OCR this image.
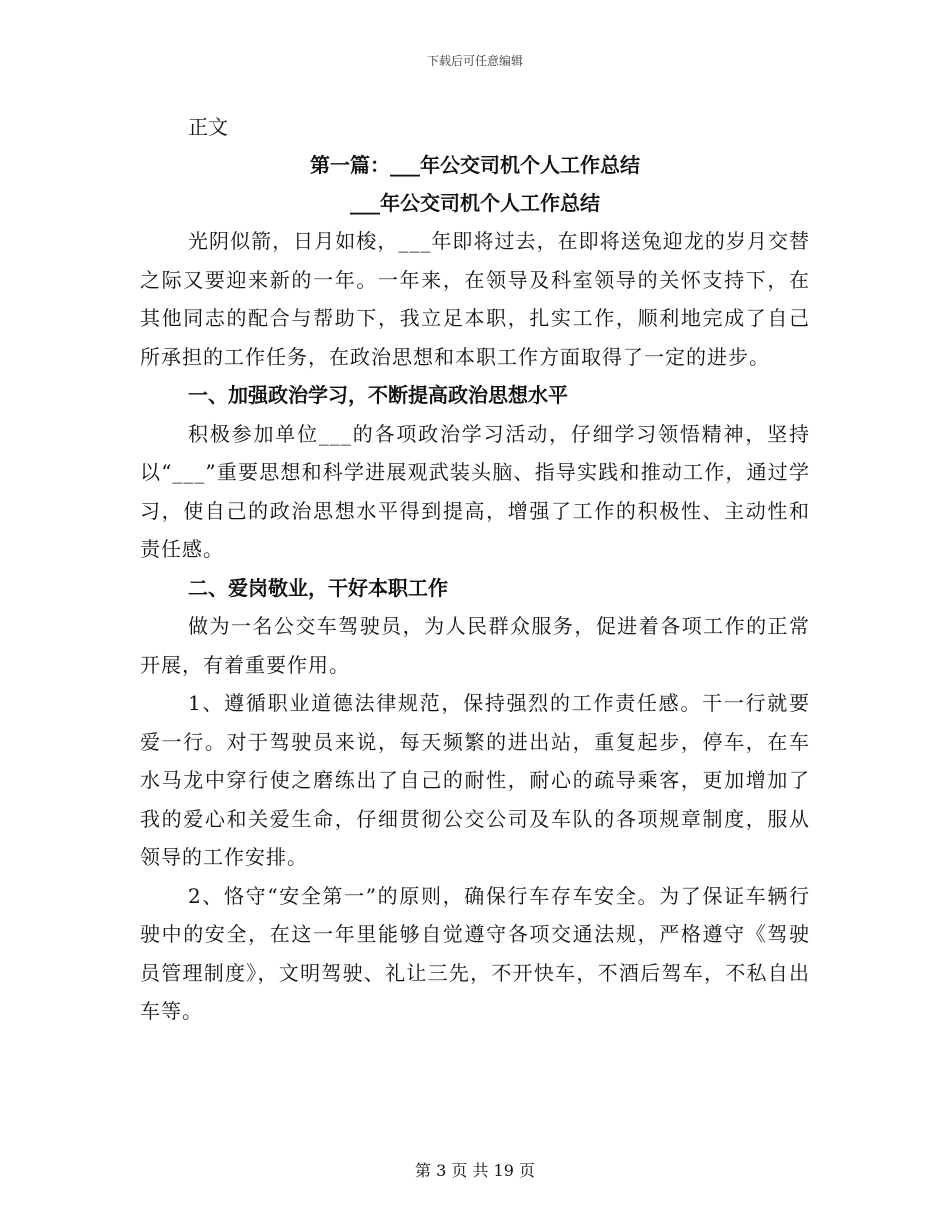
下载后可任意编辑

正文

第一篇：___年公交司机个人工作总结

___年公交司机个人工作总结

光阴似箭，日月如梭，___年即将过去，在即将送兔迎龙的岁月交替之际又要迎来新的一年。一年来，在领导及科室领导的关怀支持下，在其他同志的配合与帮助下，我立足本职，扎实工作，顺利地完成了自己所承担的工作任务，在政治思想和本职工作方面取得了一定的进步。

一、加强政治学习，不断提高政治思想水平

积极参加单位___的各项政治学习活动，仔细学习领悟精神，坚持以“___”重要思想和科学进展观武装头脑、指导实践和推动工作，通过学习，使自己的政治思想水平得到提高，增强了工作的积极性、主动性和责任感。

二、爱岗敬业，干好本职工作

做为一名公交车驾驶员，为人民群众服务，促进着各项工作的正常开展，有着重要作用。

1、遵循职业道德法律规范，保持强烈的工作责任感。干一行就要爱一行。对于驾驶员来说，每天频繁的进出站，重复起步，停车，在车水马龙中穿行使之磨练出了自己的耐性，耐心的疏导乘客，更加增加了我的爱心和关爱生命，仔细贯彻公交公司及车队的各项规章制度，服从领导的工作安排。

2、恪守“安全第一”的原则，确保行车存车安全。为了保证车辆行驶中的安全，在这一年里能够自觉遵守各项交通法规，严格遵守《驾驶员管理制度》，文明驾驶、礼让三先，不开快车，不酒后驾车，不私自出车等。

第 3 页 共 19 页
